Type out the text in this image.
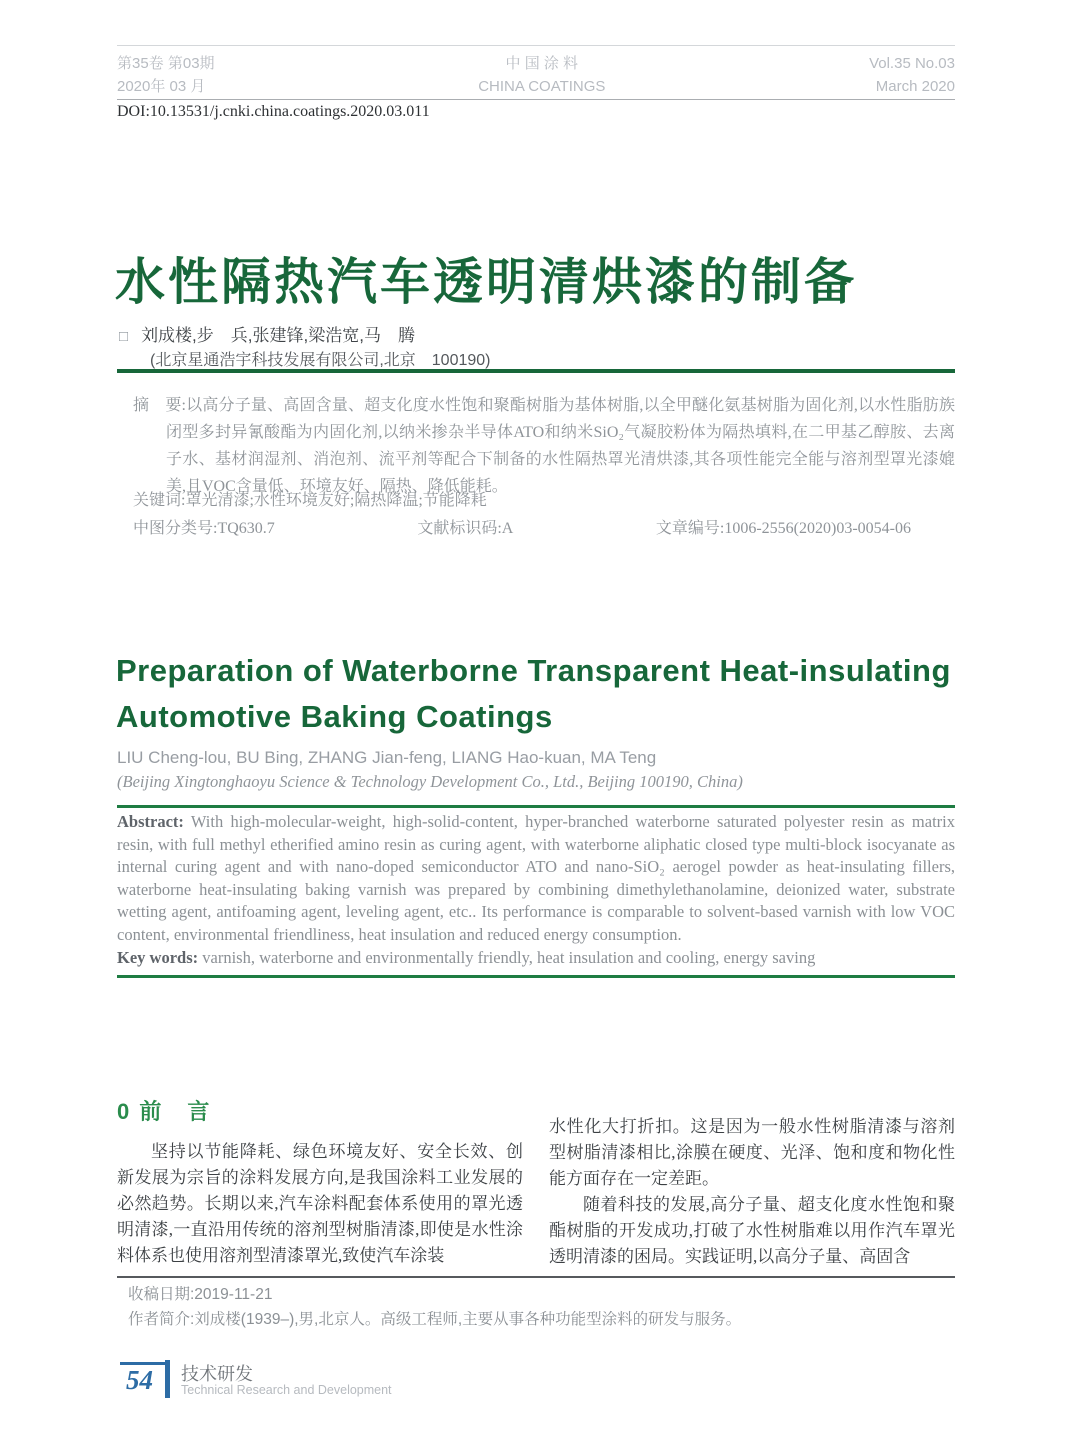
第35卷 第03期
2020年 03 月
中 国 涂 料
CHINA COATINGS
Vol.35 No.03
March 2020
DOI:10.13531/j.cnki.china.coatings.2020.03.011
水性隔热汽车透明清烘漆的制备
□ 刘成楼,步　兵,张建锋,梁浩宽,马　腾
(北京星通浩宇科技发展有限公司,北京　100190)

摘　要:以高分子量、高固含量、超支化度水性饱和聚酯树脂为基体树脂,以全甲醚化氨基树脂为固化剂,以水性脂肪族闭型多封异氰酸酯为内固化剂,以纳米掺杂半导体ATO和纳米SiO₂气凝胶粉体为隔热填料,在二甲基乙醇胺、去离子水、基材润湿剂、消泡剂、流平剂等配合下制备的水性隔热罩光清烘漆,其各项性能完全能与溶剂型罩光漆媲美,且VOC含量低、环境友好、隔热、降低能耗。

关键词:罩光清漆;水性环境友好;隔热降温;节能降耗
中图分类号:TQ630.7	文献标识码:A	文章编号:1006-2556(2020)03-0054-06
Preparation of Waterborne Transparent Heat-insulating
Automotive Baking Coatings
LIU Cheng-lou, BU Bing, ZHANG Jian-feng, LIANG Hao-kuan, MA Teng
(Beijing Xingtonghaoyu Science & Technology Development Co., Ltd., Beijing 100190, China)

Abstract: With high-molecular-weight, high-solid-content, hyper-branched waterborne saturated polyester resin as matrix resin, with full methyl etherified amino resin as curing agent, with waterborne aliphatic closed type multi-block isocyanate as internal curing agent and with nano-doped semiconductor ATO and nano-SiO₂ aerogel powder as heat-insulating fillers, waterborne heat-insulating baking varnish was prepared by combining dimethylethanolamine, deionized water, substrate wetting agent, antifoaming agent, leveling agent, etc.. Its performance is comparable to solvent-based varnish with low VOC content, environmental friendliness, heat insulation and reduced energy consumption.

Key words: varnish, waterborne and environmentally friendly, heat insulation and cooling, energy saving

0 前　言

坚持以节能降耗、绿色环境友好、安全长效、创新发展为宗旨的涂料发展方向,是我国涂料工业发展的必然趋势。长期以来,汽车涂料配套体系使用的罩光透明清漆,一直沿用传统的溶剂型树脂清漆,即使是水性涂料体系也使用溶剂型清漆罩光,致使汽车涂装

水性化大打折扣。这是因为一般水性树脂清漆与溶剂型树脂清漆相比,涂膜在硬度、光泽、饱和度和物化性能方面存在一定差距。

随着科技的发展,高分子量、超支化度水性饱和聚酯树脂的开发成功,打破了水性树脂难以用作汽车罩光透明清漆的困局。实践证明,以高分子量、高固含

收稿日期:2019-11-21
作者简介:刘成楼(1939–),男,北京人。高级工程师,主要从事各种功能型涂料的研发与服务。
54 技术研发
Technical Research and Development
